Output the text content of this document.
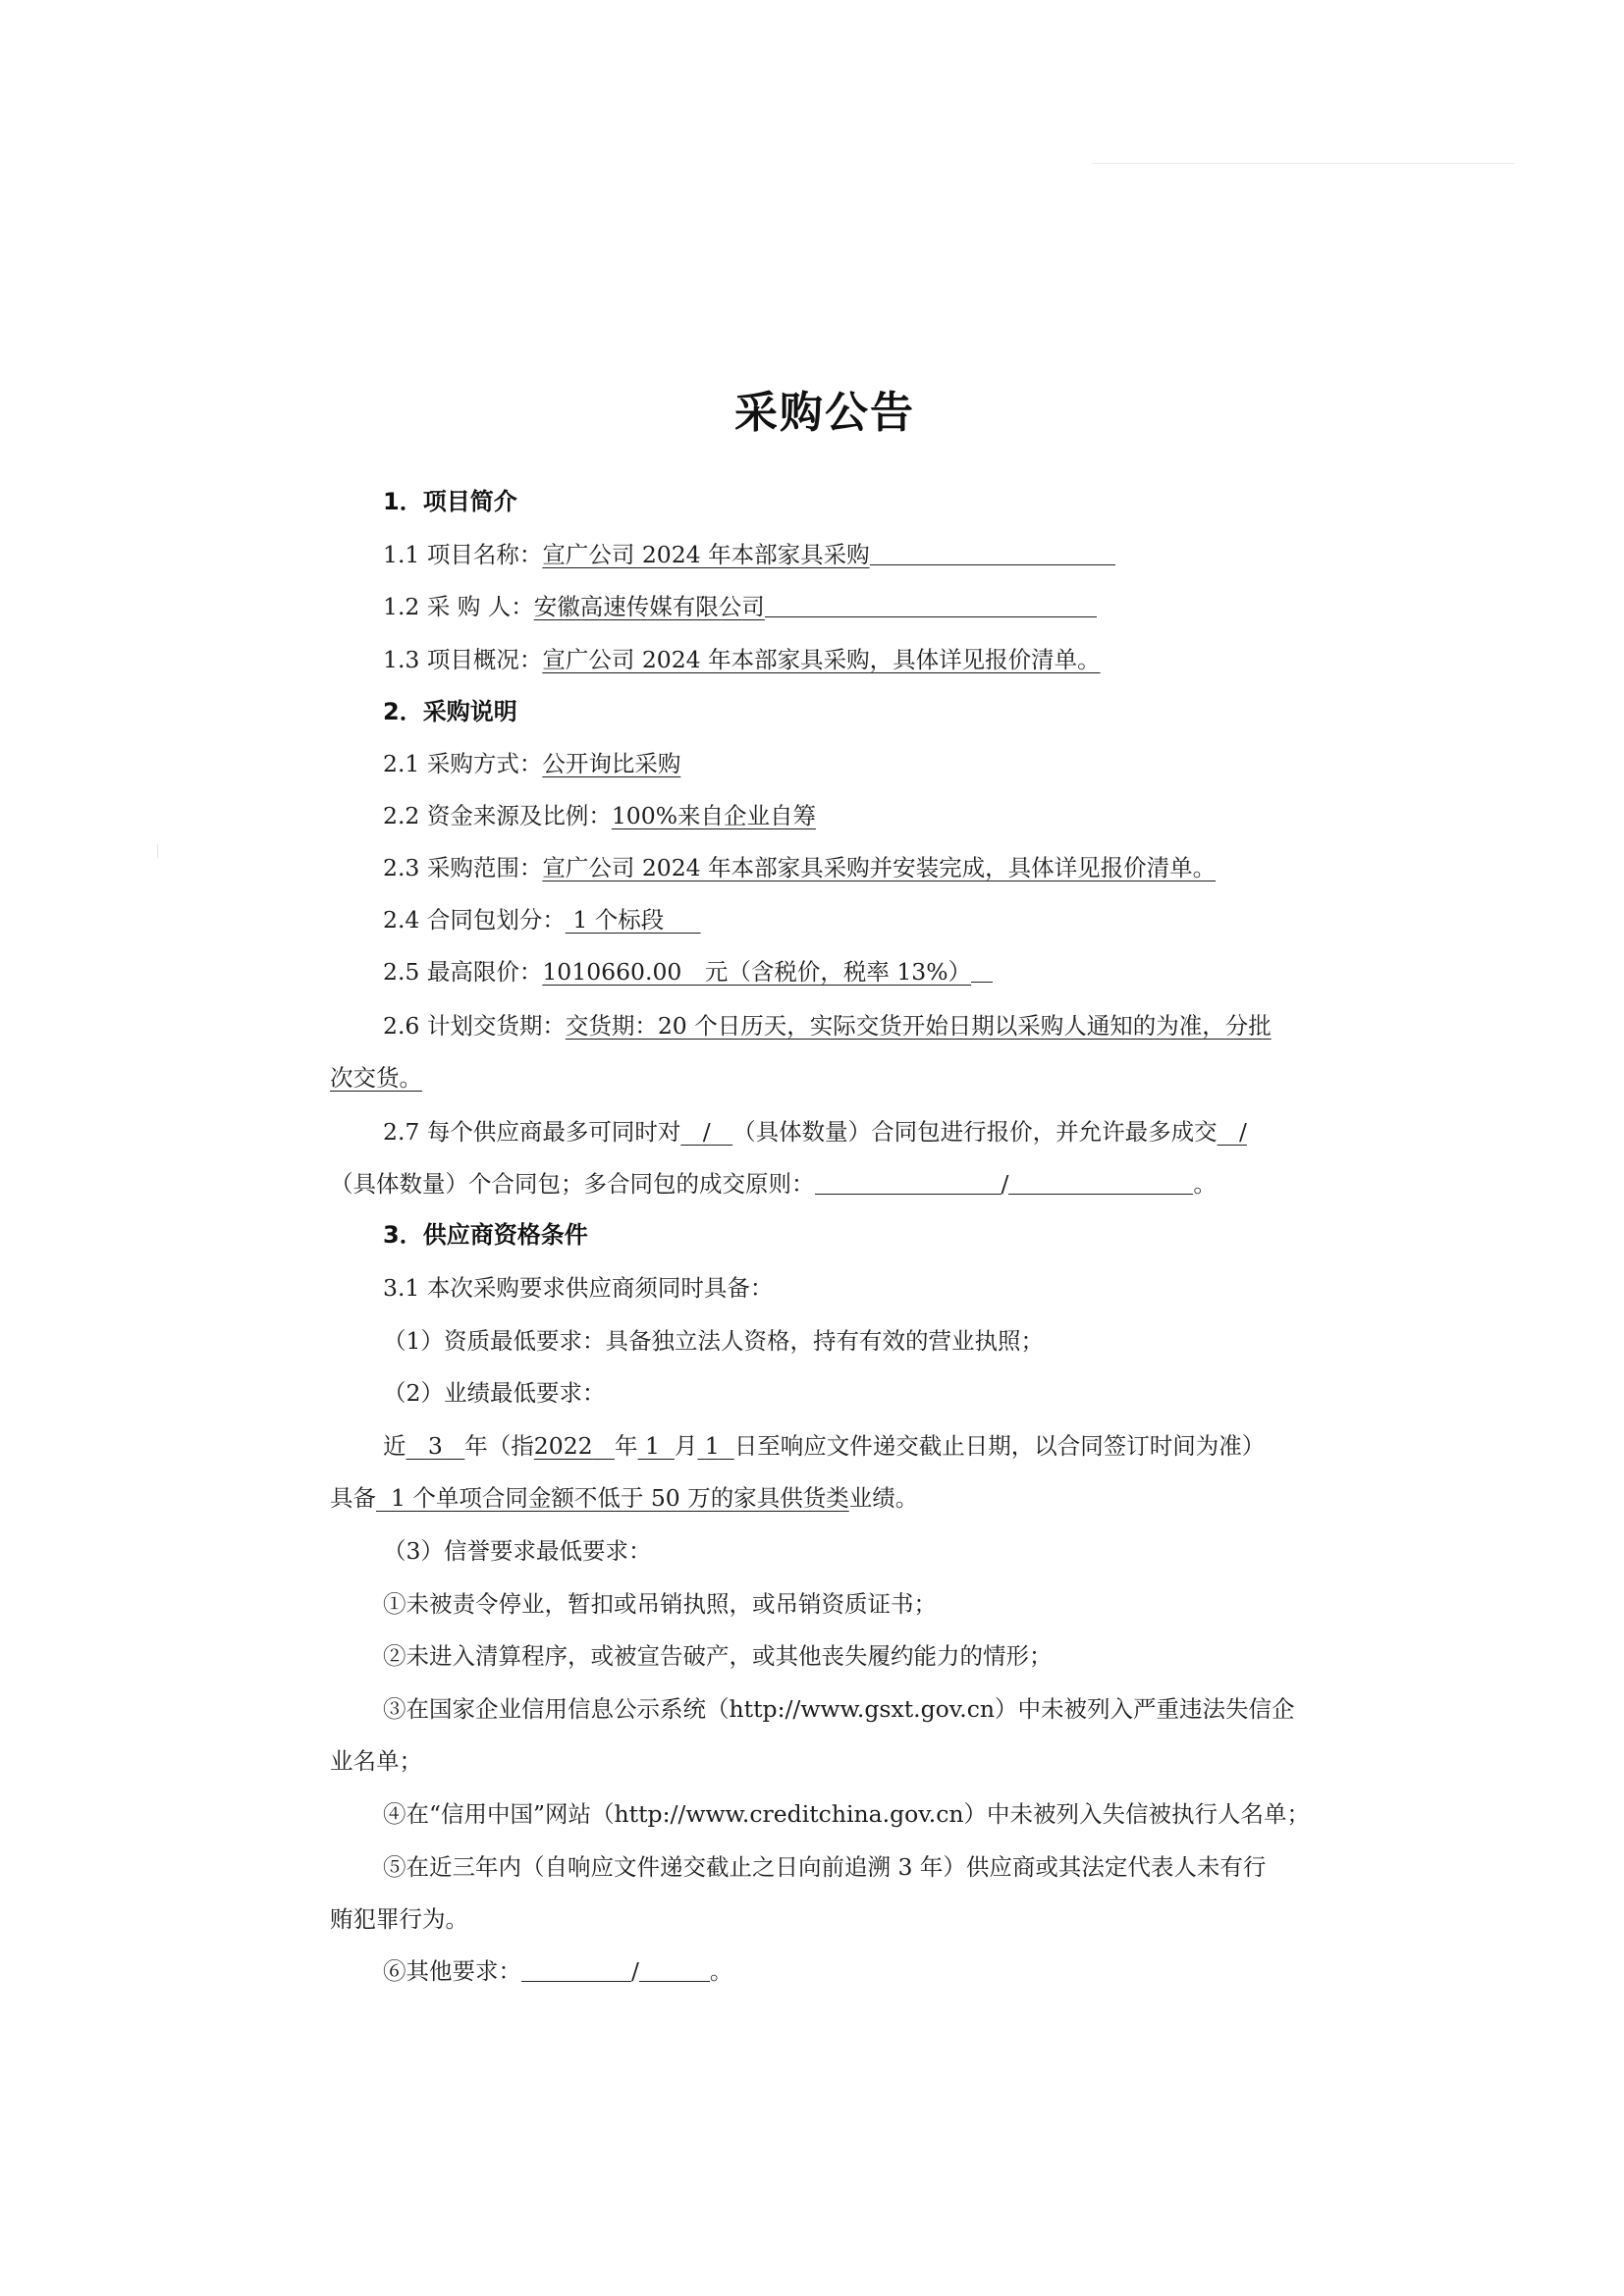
采购公告
1．项目简介
1.1 项目名称：宣广公司 2024 年本部家具采购
1.2 采 购 人：安徽高速传媒有限公司
1.3 项目概况：宣广公司 2024 年本部家具采购，具体详见报价清单。
2．采购说明
2.1 采购方式：公开询比采购
2.2 资金来源及比例：100%来自企业自筹
2.3 采购范围：宣广公司 2024 年本部家具采购并安装完成，具体详见报价清单。
2.4 合同包划分： 1 个标段
2.5 最高限价：1010660.00　元（含税价，税率 13%）
2.6 计划交货期：交货期：20 个日历天，实际交货开始日期以采购人通知的为准，分批
次交货。
2.7 每个供应商最多可同时对 / （具体数量）合同包进行报价，并允许最多成交 /
（具体数量）个合同包；多合同包的成交原则：	/	。
3．供应商资格条件
3.1 本次采购要求供应商须同时具备：
（1）资质最低要求：具备独立法人资格，持有有效的营业执照；
（2）业绩最低要求：
近 3 年（指2022 年 1 月 1 日至响应文件递交截止日期，以合同签订时间为准）
具备 1 个单项合同金额不低于 50 万的家具供货类业绩。
（3）信誉要求最低要求：
①未被责令停业，暂扣或吊销执照，或吊销资质证书；
②未进入清算程序，或被宣告破产，或其他丧失履约能力的情形；
③在国家企业信用信息公示系统（http://www.gsxt.gov.cn）中未被列入严重违法失信企
业名单；
④在“信用中国”网站（http://www.creditchina.gov.cn）中未被列入失信被执行人名单；
⑤在近三年内（自响应文件递交截止之日向前追溯 3 年）供应商或其法定代表人未有行
贿犯罪行为。
⑥其他要求：	/	。
